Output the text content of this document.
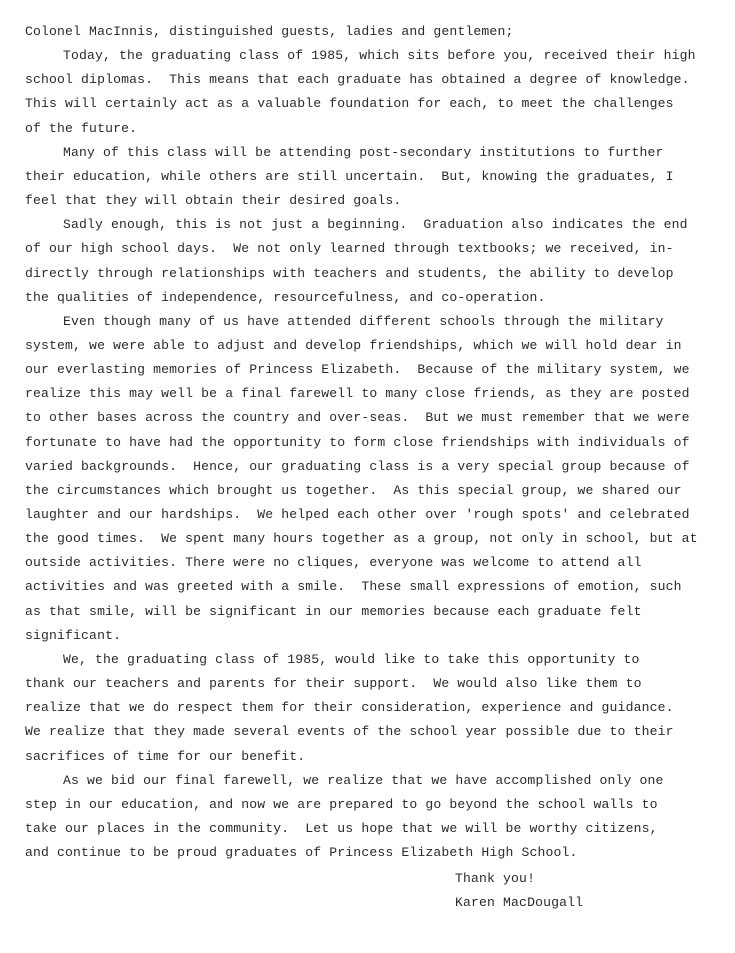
Colonel MacInnis, distinguished guests, ladies and gentlemen;
Today, the graduating class of 1985, which sits before you, received their high
school diplomas.  This means that each graduate has obtained a degree of knowledge.
This will certainly act as a valuable foundation for each, to meet the challenges
of the future.
Many of this class will be attending post-secondary institutions to further
their education, while others are still uncertain.  But, knowing the graduates, I
feel that they will obtain their desired goals.
Sadly enough, this is not just a beginning.  Graduation also indicates the end
of our high school days.  We not only learned through textbooks; we received, in-
directly through relationships with teachers and students, the ability to develop
the qualities of independence, resourcefulness, and co-operation.
Even though many of us have attended different schools through the military
system, we were able to adjust and develop friendships, which we will hold dear in
our everlasting memories of Princess Elizabeth.  Because of the military system, we
realize this may well be a final farewell to many close friends, as they are posted
to other bases across the country and over-seas.  But we must remember that we were
fortunate to have had the opportunity to form close friendships with individuals of
varied backgrounds.  Hence, our graduating class is a very special group because of
the circumstances which brought us together.  As this special group, we shared our
laughter and our hardships.  We helped each other over 'rough spots' and celebrated
the good times.  We spent many hours together as a group, not only in school, but at
outside activities. There were no cliques, everyone was welcome to attend all
activities and was greeted with a smile.  These small expressions of emotion, such
as that smile, will be significant in our memories because each graduate felt
significant.
We, the graduating class of 1985, would like to take this opportunity to
thank our teachers and parents for their support.  We would also like them to
realize that we do respect them for their consideration, experience and guidance.
We realize that they made several events of the school year possible due to their
sacrifices of time for our benefit.
As we bid our final farewell, we realize that we have accomplished only one
step in our education, and now we are prepared to go beyond the school walls to
take our places in the community.  Let us hope that we will be worthy citizens,
and continue to be proud graduates of Princess Elizabeth High School.
Thank you!
Karen MacDougall
